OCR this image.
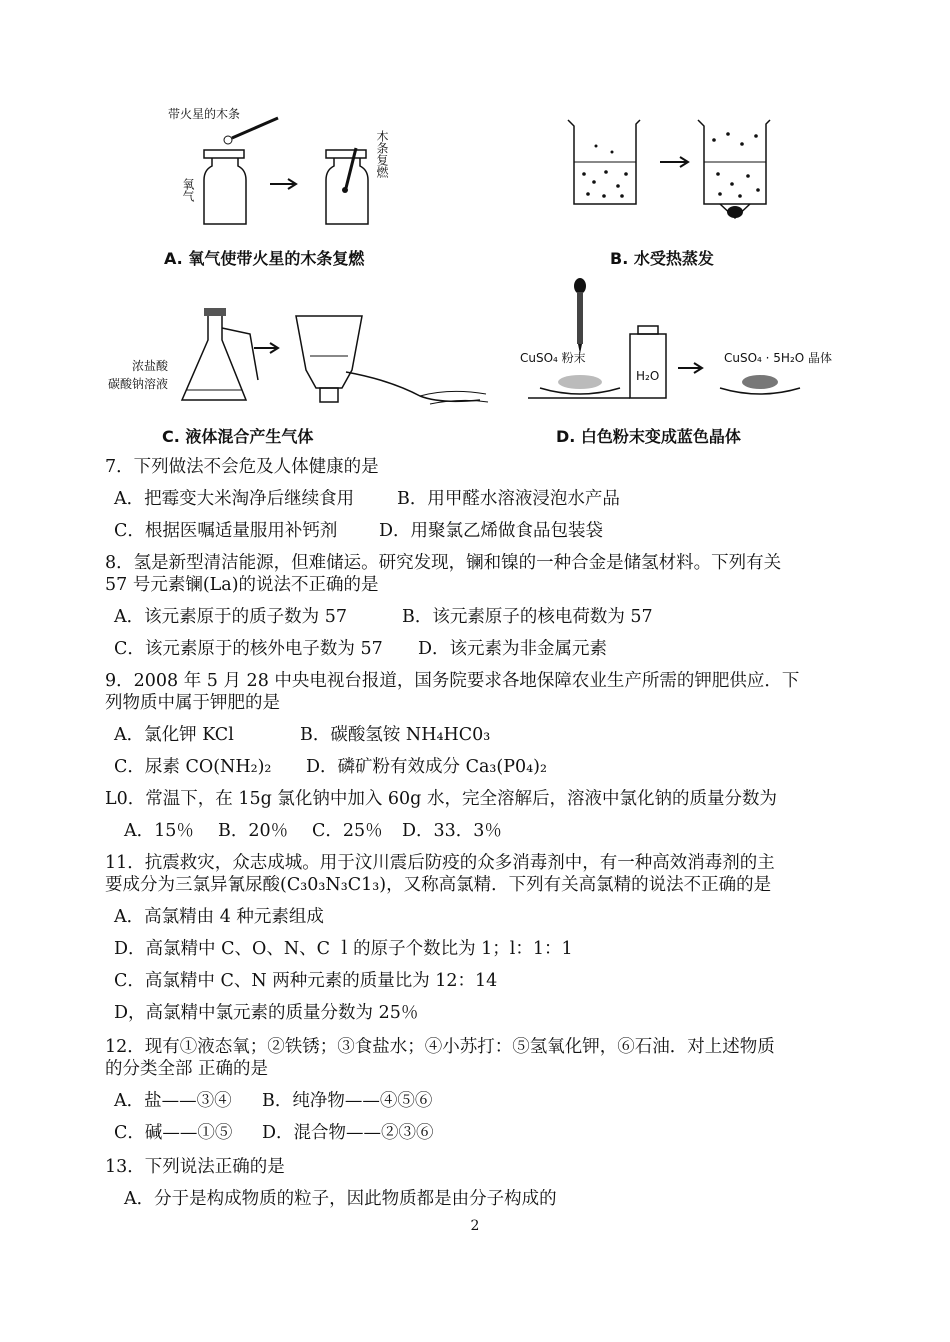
带火星的木条
氧气
木条复燃
A. 氧气使带火星的木条复燃	B. 水受热蒸发
浓盐酸
碳酸钠溶液
C. 液体混合产生气体
CuSO₄ 粉末
H₂O
CuSO₄ · 5H₂O 晶体
D. 白色粉末变成蓝色晶体
7．下列做法不会危及人体健康的是
A．把霉变大米淘净后继续食用 B．用甲醛水溶液浸泡水产品
C．根据医嘱适量服用补钙剂 D．用聚氯乙烯做食品包装袋
8．氢是新型清洁能源，但难储运。研究发现，镧和镍的一种合金是储氢材料。下列有关
57 号元素镧(La)的说法不正确的是
A．该元素原于的质子数为 57	B．该元素原子的核电荷数为 57
C．该元素原于的核外电子数为 57 D．该元素为非金属元素
9．2008 年 5 月 28 中央电视台报道，国务院要求各地保障农业生产所需的钾肥供应．下
列物质中属于钾肥的是
A．氯化钾 KCl	B．碳酸氢铵 NH₄HC0₃
C．尿素 CO(NH₂)₂ D．磷矿粉有效成分 Ca₃(P0₄)₂
L0．常温下，在 15g 氯化钠中加入 60g 水，完全溶解后，溶液中氯化钠的质量分数为
A．15％ B．20％ C．25％ D．33．3％
11．抗震救灾，众志成城。用于汶川震后防疫的众多消毒剂中，有一种高效消毒剂的主
要成分为三氯异氰尿酸(C₃0₃N₃C1₃)，又称高氯精．下列有关高氯精的说法不正确的是
A．高氯精由 4 种元素组成
D．高氯精中 C、O、N、C ｌ的原子个数比为 1；l：1：1
C．高氯精中 C、N 两种元素的质量比为 12：14
D，高氯精中氯元素的质量分数为 25％
12．现有①液态氧；②铁锈；③食盐水；④小苏打：⑤氢氧化钾，⑥石油．对上述物质
的分类全部 正确的是
A．盐——③④ B．纯净物——④⑤⑥
C．碱——①⑤ D．混合物——②③⑥
13．下列说法正确的是
A．分于是构成物质的粒子，因此物质都是由分子构成的
2
